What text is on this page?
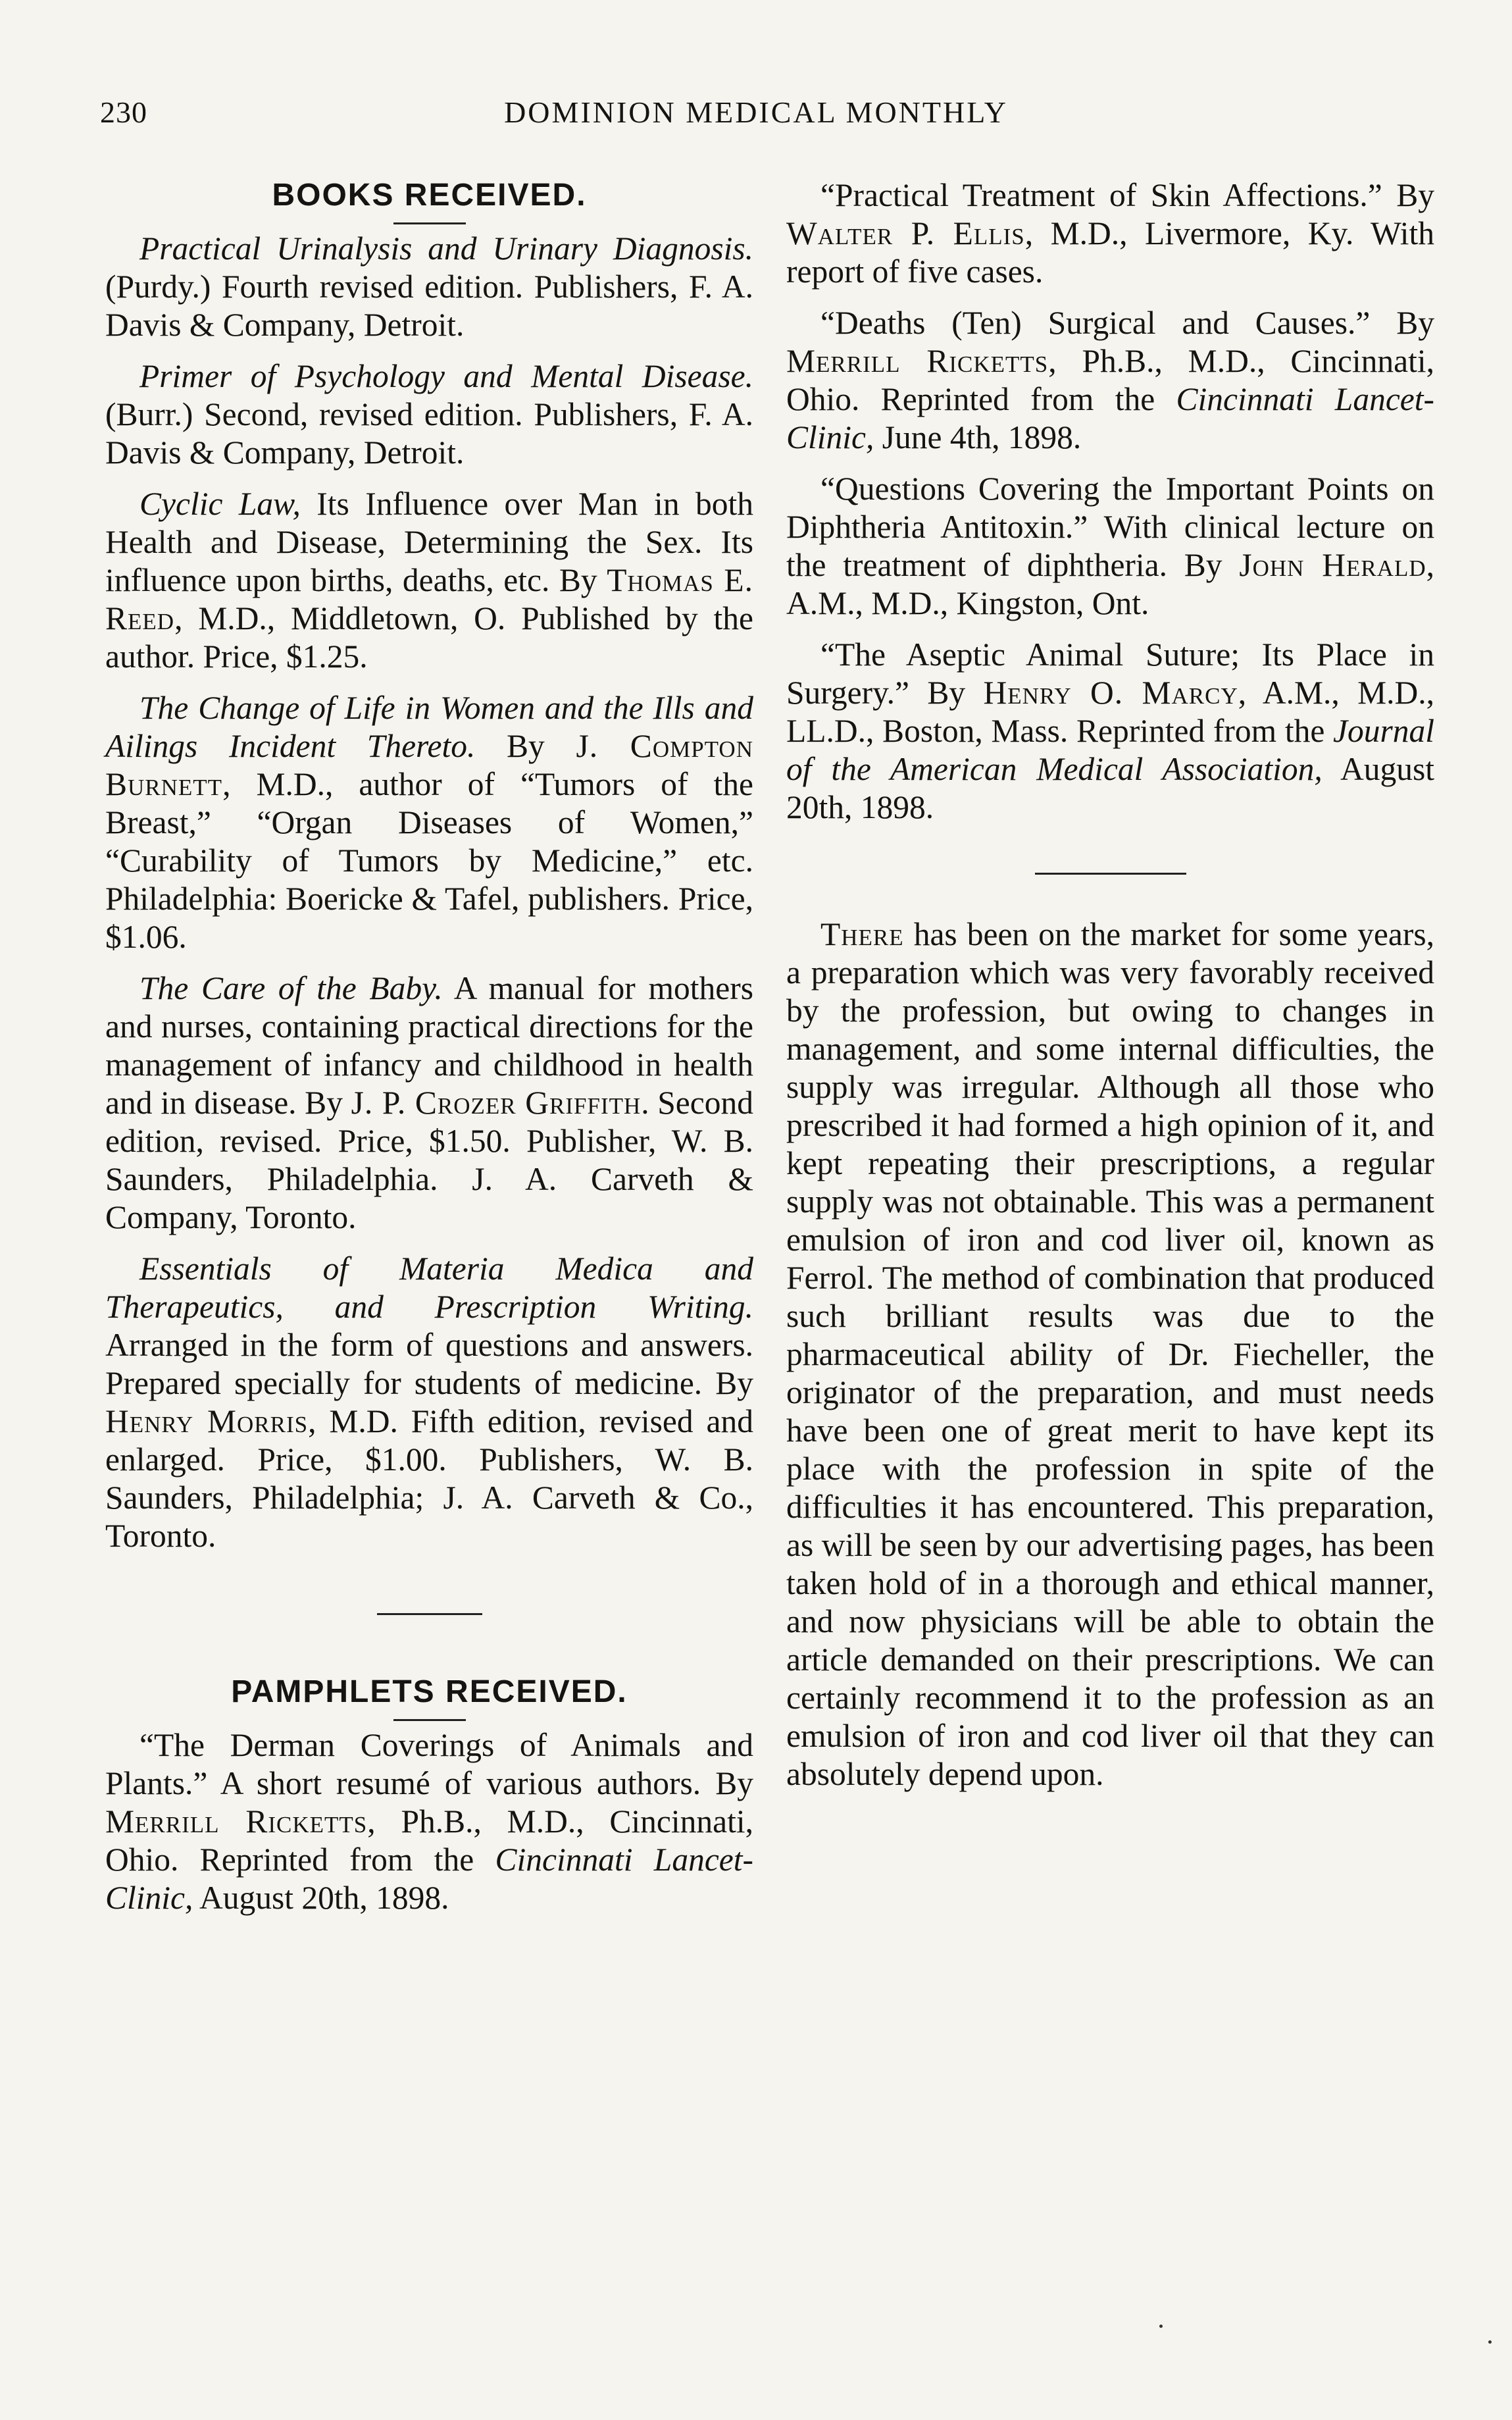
230	DOMINION MEDICAL MONTHLY
BOOKS RECEIVED.

Practical Urinalysis and Urinary Diagnosis. (Purdy.) Fourth revised edition. Publishers, F. A. Davis & Company, Detroit.

Primer of Psychology and Mental Disease. (Burr.) Second, revised edition. Publishers, F. A. Davis & Company, Detroit.

Cyclic Law, Its Influence over Man in both Health and Disease, Determining the Sex. Its influence upon births, deaths, etc. By Thomas E. Reed, M.D., Middletown, O. Published by the author. Price, $1.25.

The Change of Life in Women and the Ills and Ailings Incident Thereto. By J. Compton Burnett, M.D., author of “Tumors of the Breast,” “Organ Diseases of Women,” “Curability of Tumors by Medicine,” etc. Philadelphia: Boericke & Tafel, publishers. Price, $1.06.

The Care of the Baby. A manual for mothers and nurses, containing practical directions for the management of infancy and childhood in health and in disease. By J. P. Crozer Griffith. Second edition, revised. Price, $1.50. Publisher, W. B. Saunders, Philadelphia. J. A. Carveth & Company, Toronto.

Essentials of Materia Medica and Therapeutics, and Prescription Writing. Arranged in the form of questions and answers. Prepared specially for students of medicine. By Henry Morris, M.D. Fifth edition, revised and enlarged. Price, $1.00. Publishers, W. B. Saunders, Philadelphia; J. A. Carveth & Co., Toronto.

PAMPHLETS RECEIVED.

“The Derman Coverings of Animals and Plants.” A short resumé of various authors. By Merrill Ricketts, Ph.B., M.D., Cincinnati, Ohio. Reprinted from the Cincinnati Lancet-Clinic, August 20th, 1898.

“Practical Treatment of Skin Affections.” By Walter P. Ellis, M.D., Livermore, Ky. With report of five cases.

“Deaths (Ten) Surgical and Causes.” By Merrill Ricketts, Ph.B., M.D., Cincinnati, Ohio. Reprinted from the Cincinnati Lancet-Clinic, June 4th, 1898.

“Questions Covering the Important Points on Diphtheria Antitoxin.” With clinical lecture on the treatment of diphtheria. By John Herald, A.M., M.D., Kingston, Ont.

“The Aseptic Animal Suture; Its Place in Surgery.” By Henry O. Marcy, A.M., M.D., LL.D., Boston, Mass. Reprinted from the Journal of the American Medical Association, August 20th, 1898.

There has been on the market for some years, a preparation which was very favorably received by the profession, but owing to changes in management, and some internal difficulties, the supply was irregular. Although all those who prescribed it had formed a high opinion of it, and kept repeating their prescriptions, a regular supply was not obtainable. This was a permanent emulsion of iron and cod liver oil, known as Ferrol. The method of combination that produced such brilliant results was due to the pharmaceutical ability of Dr. Fiecheller, the originator of the preparation, and must needs have been one of great merit to have kept its place with the profession in spite of the difficulties it has encountered. This preparation, as will be seen by our advertising pages, has been taken hold of in a thorough and ethical manner, and now physicians will be able to obtain the article demanded on their prescriptions. We can certainly recommend it to the profession as an emulsion of iron and cod liver oil that they can absolutely depend upon.
